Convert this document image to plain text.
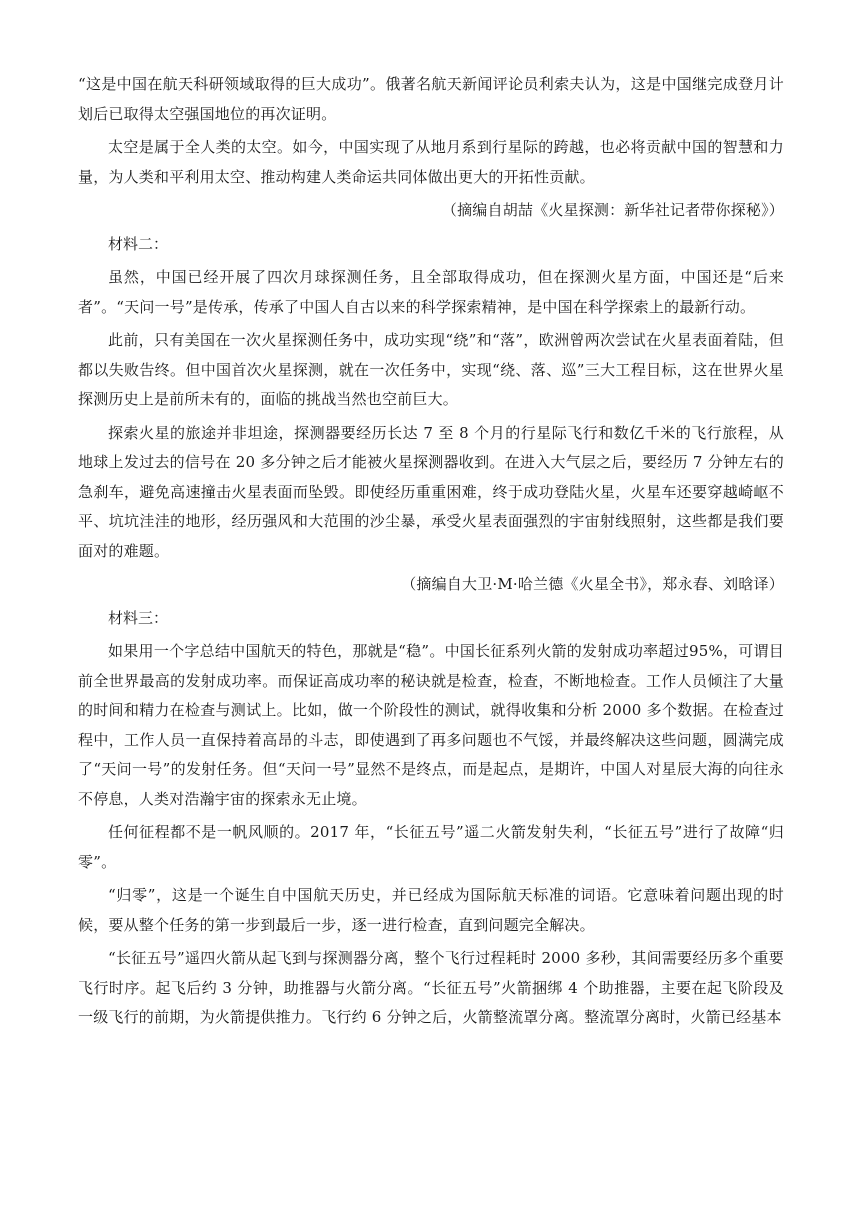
“这是中国在航天科研领域取得的巨大成功”。俄著名航天新闻评论员利索夫认为，这是中国继完成登月计划后已取得太空强国地位的再次证明。

太空是属于全人类的太空。如今，中国实现了从地月系到行星际的跨越，也必将贡献中国的智慧和力量，为人类和平利用太空、推动构建人类命运共同体做出更大的开拓性贡献。

（摘编自胡喆《火星探测：新华社记者带你探秘》）

材料二：

虽然，中国已经开展了四次月球探测任务，且全部取得成功，但在探测火星方面，中国还是“后来者”。“天问一号”是传承，传承了中国人自古以来的科学探索精神，是中国在科学探索上的最新行动。

此前，只有美国在一次火星探测任务中，成功实现“绕”和“落”，欧洲曾两次尝试在火星表面着陆，但都以失败告终。但中国首次火星探测，就在一次任务中，实现“绕、落、巡”三大工程目标，这在世界火星探测历史上是前所未有的，面临的挑战当然也空前巨大。

探索火星的旅途并非坦途，探测器要经历长达 7 至 8 个月的行星际飞行和数亿千米的飞行旅程，从地球上发过去的信号在 20 多分钟之后才能被火星探测器收到。在进入大气层之后，要经历 7 分钟左右的急刹车，避免高速撞击火星表面而坠毁。即使经历重重困难，终于成功登陆火星，火星车还要穿越崎岖不平、坑坑洼洼的地形，经历强风和大范围的沙尘暴，承受火星表面强烈的宇宙射线照射，这些都是我们要面对的难题。

（摘编自大卫·M·哈兰德《火星全书》，郑永春、刘晗译）

材料三：

如果用一个字总结中国航天的特色，那就是“稳”。中国长征系列火箭的发射成功率超过95%，可谓目前全世界最高的发射成功率。而保证高成功率的秘诀就是检查，检查，不断地检查。工作人员倾注了大量的时间和精力在检查与测试上。比如，做一个阶段性的测试，就得收集和分析 2000 多个数据。在检查过程中，工作人员一直保持着高昂的斗志，即使遇到了再多问题也不气馁，并最终解决这些问题，圆满完成了“天问一号”的发射任务。但“天问一号”显然不是终点，而是起点，是期许，中国人对星辰大海的向往永不停息，人类对浩瀚宇宙的探索永无止境。

任何征程都不是一帆风顺的。2017 年，“长征五号”遥二火箭发射失利，“长征五号”进行了故障“归零”。

“归零”，这是一个诞生自中国航天历史，并已经成为国际航天标准的词语。它意味着问题出现的时候，要从整个任务的第一步到最后一步，逐一进行检查，直到问题完全解决。

“长征五号”遥四火箭从起飞到与探测器分离，整个飞行过程耗时 2000 多秒，其间需要经历多个重要飞行时序。起飞后约 3 分钟，助推器与火箭分离。“长征五号”火箭捆绑 4 个助推器，主要在起飞阶段及一级飞行的前期，为火箭提供推力。飞行约 6 分钟之后，火箭整流罩分离。整流罩分离时，火箭已经基本
